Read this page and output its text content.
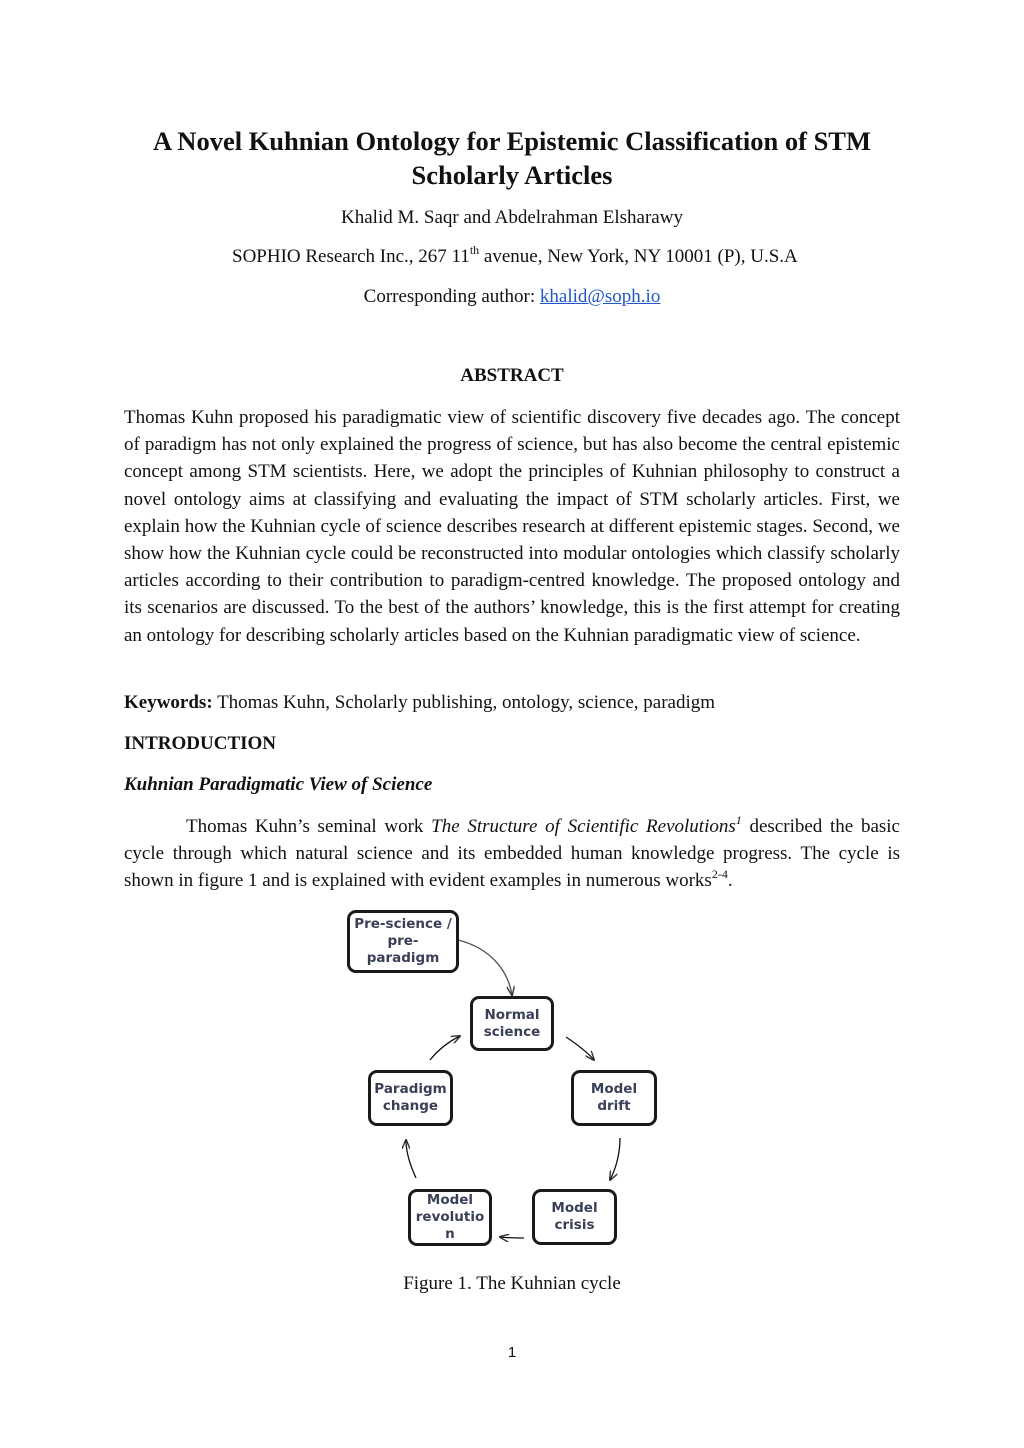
A Novel Kuhnian Ontology for Epistemic Classification of STM Scholarly Articles
Khalid M. Saqr and Abdelrahman Elsharawy
SOPHIO Research Inc., 267 11th avenue, New York, NY 10001 (P), U.S.A
Corresponding author: khalid@soph.io
ABSTRACT

Thomas Kuhn proposed his paradigmatic view of scientific discovery five decades ago. The concept of paradigm has not only explained the progress of science, but has also become the central epistemic concept among STM scientists. Here, we adopt the principles of Kuhnian philosophy to construct a novel ontology aims at classifying and evaluating the impact of STM scholarly articles. First, we explain how the Kuhnian cycle of science describes research at different epistemic stages. Second, we show how the Kuhnian cycle could be reconstructed into modular ontologies which classify scholarly articles according to their contribution to paradigm-centred knowledge. The proposed ontology and its scenarios are discussed. To the best of the authors’ knowledge, this is the first attempt for creating an ontology for describing scholarly articles based on the Kuhnian paradigmatic view of science.

Keywords: Thomas Kuhn, Scholarly publishing, ontology, science, paradigm
INTRODUCTION
Kuhnian Paradigmatic View of Science

Thomas Kuhn’s seminal work The Structure of Scientific Revolutions$^1$ described the basic cycle through which natural science and its embedded human knowledge progress. The cycle is shown in figure 1 and is explained with evident examples in numerous works$^{2-4}$.

Pre-science /
pre-paradigm
Normal
science
Model
drift
Model
crisis
Model
revolutio
n
Paradigm
change
Figure 1. The Kuhnian cycle
1
